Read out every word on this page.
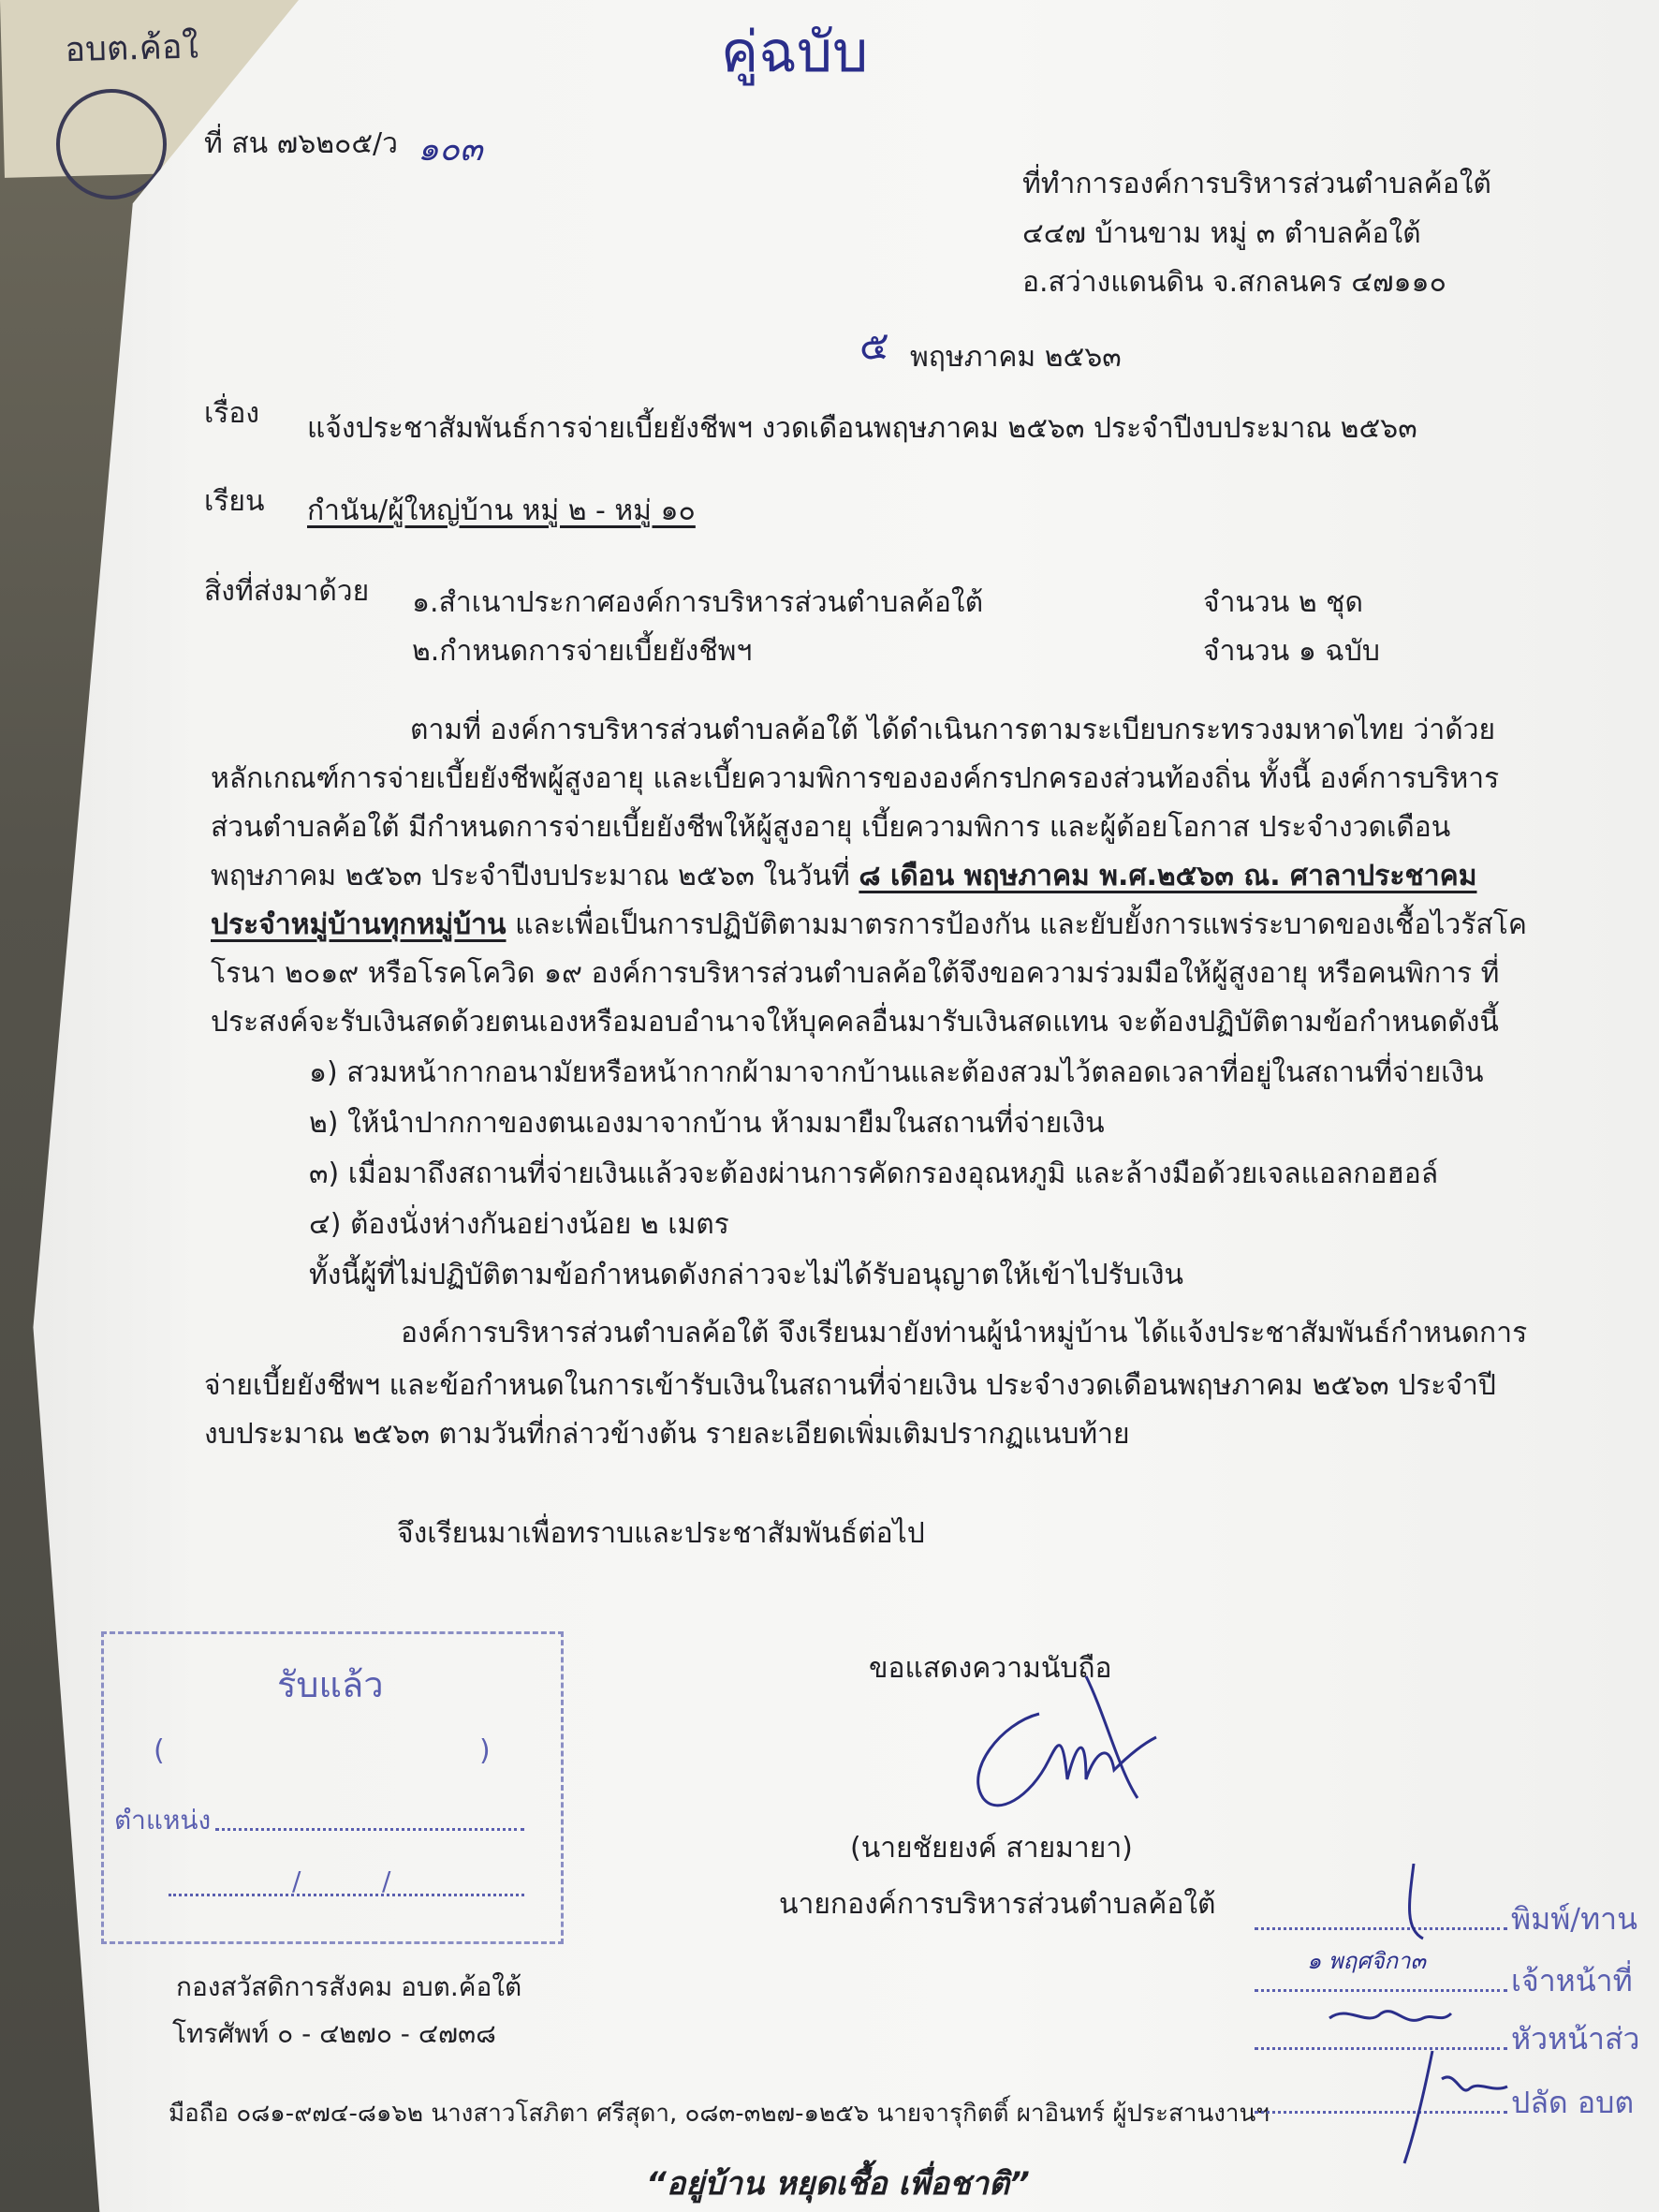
อบต.ค้อใ	คู่ฉบับ
ที่ สน ๗๖๒๐๕/ว ๑๐๓
ที่ทำการองค์การบริหารส่วนตำบลค้อใต้
๔๔๗ บ้านขาม หมู่ ๓ ตำบลค้อใต้
อ.สว่างแดนดิน จ.สกลนคร ๔๗๑๑๐
๕ พฤษภาคม ๒๕๖๓
เรื่อง แจ้งประชาสัมพันธ์การจ่ายเบี้ยยังชีพฯ งวดเดือนพฤษภาคม ๒๕๖๓ ประจำปีงบประมาณ ๒๕๖๓
เรียน กำนัน/ผู้ใหญ่บ้าน หมู่ ๒ - หมู่ ๑๐
สิ่งที่ส่งมาด้วย ๑.สำเนาประกาศองค์การบริหารส่วนตำบลค้อใต้	จำนวน ๒ ชุด
๒.กำหนดการจ่ายเบี้ยยังชีพฯ	จำนวน ๑ ฉบับ
ตามที่ องค์การบริหารส่วนตำบลค้อใต้ ได้ดำเนินการตามระเบียบกระทรวงมหาดไทย ว่าด้วย
หลักเกณฑ์การจ่ายเบี้ยยังชีพผู้สูงอายุ และเบี้ยความพิการขององค์กรปกครองส่วนท้องถิ่น ทั้งนี้ องค์การบริหาร
ส่วนตำบลค้อใต้ มีกำหนดการจ่ายเบี้ยยังชีพให้ผู้สูงอายุ เบี้ยความพิการ และผู้ด้อยโอกาส ประจำงวดเดือน
พฤษภาคม ๒๕๖๓ ประจำปีงบประมาณ ๒๕๖๓ ในวันที่ ๘ เดือน พฤษภาคม พ.ศ.๒๕๖๓ ณ. ศาลาประชาคม
ประจำหมู่บ้านทุกหมู่บ้าน และเพื่อเป็นการปฏิบัติตามมาตรการป้องกัน และยับยั้งการแพร่ระบาดของเชื้อไวรัสโค
โรนา ๒๐๑๙ หรือโรคโควิด ๑๙ องค์การบริหารส่วนตำบลค้อใต้จึงขอความร่วมมือให้ผู้สูงอายุ หรือคนพิการ ที่
ประสงค์จะรับเงินสดด้วยตนเองหรือมอบอำนาจให้บุคคลอื่นมารับเงินสดแทน จะต้องปฏิบัติตามข้อกำหนดดังนี้
๑) สวมหน้ากากอนามัยหรือหน้ากากผ้ามาจากบ้านและต้องสวมไว้ตลอดเวลาที่อยู่ในสถานที่จ่ายเงิน
๒) ให้นำปากกาของตนเองมาจากบ้าน ห้ามมายืมในสถานที่จ่ายเงิน
๓) เมื่อมาถึงสถานที่จ่ายเงินแล้วจะต้องผ่านการคัดกรองอุณหภูมิ และล้างมือด้วยเจลแอลกอฮอล์
๔) ต้องนั่งห่างกันอย่างน้อย ๒ เมตร
ทั้งนี้ผู้ที่ไม่ปฏิบัติตามข้อกำหนดดังกล่าวจะไม่ได้รับอนุญาตให้เข้าไปรับเงิน
องค์การบริหารส่วนตำบลค้อใต้ จึงเรียนมายังท่านผู้นำหมู่บ้าน ได้แจ้งประชาสัมพันธ์กำหนดการ
จ่ายเบี้ยยังชีพฯ และข้อกำหนดในการเข้ารับเงินในสถานที่จ่ายเงิน ประจำงวดเดือนพฤษภาคม ๒๕๖๓ ประจำปี
งบประมาณ ๒๕๖๓ ตามวันที่กล่าวข้างต้น รายละเอียดเพิ่มเติมปรากฏแนบท้าย
จึงเรียนมาเพื่อทราบและประชาสัมพันธ์ต่อไป
ขอแสดงความนับถือ
(นายชัยยงค์ สายมายา)
นายกองค์การบริหารส่วนตำบลค้อใต้
รับแล้ว
(	)
ตำแหน่ง
/	/
กองสวัสดิการสังคม อบต.ค้อใต้
โทรศัพท์ ๐ - ๔๒๗๐ - ๔๗๓๘
มือถือ ๐๘๑-๙๗๔-๘๑๖๒ นางสาวโสภิตา ศรีสุดา, ๐๘๓-๓๒๗-๑๒๕๖ นายจารุกิตติ์ ผาอินทร์ ผู้ประสานงานฯ
“อยู่บ้าน หยุดเชื้อ เพื่อชาติ”
พิมพ์/ทาน
เจ้าหน้าที่
หัวหน้าส่ว
ปลัด อบต
๑ พฤศจิกา๓
